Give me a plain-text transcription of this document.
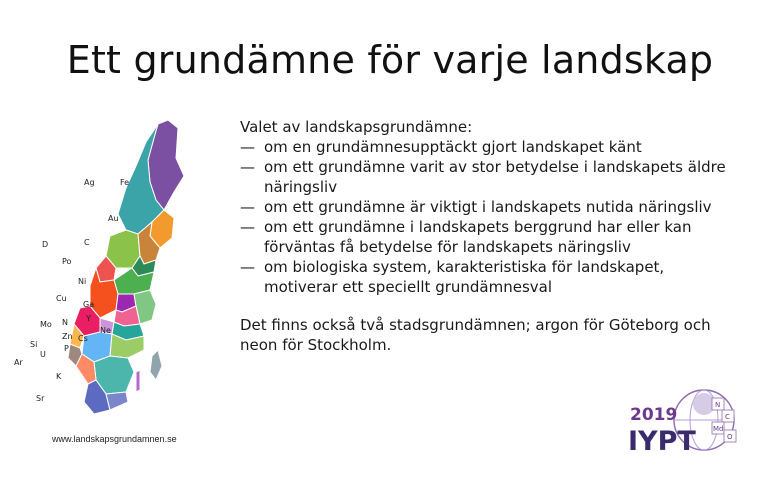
Ett grundämne för varje landskap
Ag	Fe
Au
D	C
Po
Ni
Cu
Ga
Mo N
Zn Cs
Y
Ne
Si	P
U
Ar
K
Sr
www.landskapsgrundamnen.se

Valet av landskapsgrundämne:

— om en grundämnesupptäckt gjort landskapet känt
— om ett grundämne varit av stor betydelse i landskapets äldre näringsliv
— om ett grundämne är viktigt i landskapets nutida näringsliv
— om ett grundämne i landskapets berggrund har eller kan förväntas få betydelse för landskapets näringsliv
— om biologiska system, karakteristiska för landskapet, motiverar ett speciellt grundämnesval

Det finns också två stadsgrundämnen; argon för Göteborg och neon för Stockholm.

N
C
Md
O
2019
IYPT
